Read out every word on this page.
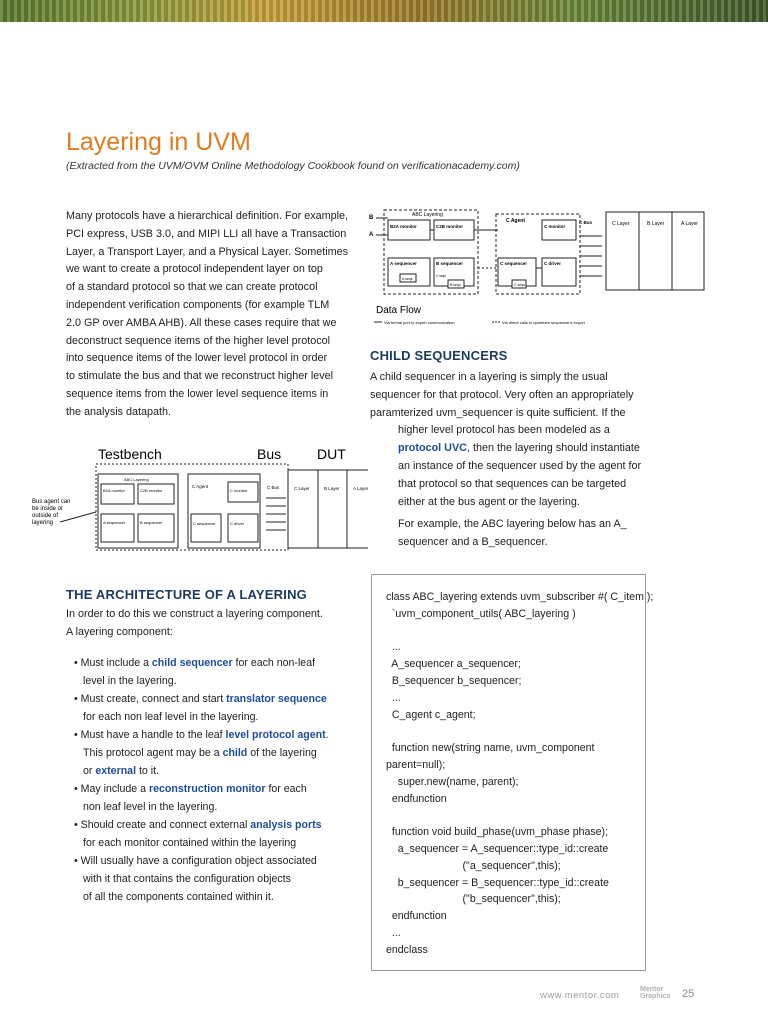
Layering in UVM
(Extracted from the UVM/OVM Online Methodology Cookbook found on verificationacademy.com)
Many protocols have a hierarchical definition. For example,
PCI express, USB 3.0, and MIPI LLI all have a Transaction
Layer, a Transport Layer, and a Physical Layer. Sometimes
we want to create a protocol independent layer on top
of a standard protocol so that we can create protocol
independent verification components (for example TLM
2.0 GP over AMBA AHB). All these cases require that we
deconstruct sequence items of the higher level protocol
into sequence items of the lower level protocol in order
to stimulate the bus and that we reconstruct higher level
sequence items from the lower level sequence items in
the analysis datapath.
ABC Layering
B
A
B2A monitor	C2B monitor
A sequencer
A seqs
B sequencer
B seqs
C seqs
C Agent
C monitor
C sequencer
C seqs
C driver
C Bus	C Layer	B Layer	A Layer
Data Flow
Via formal port to export communication	Via direct calls to upstream sequencer's export
CHILD SEQUENCERS
A child sequencer in a layering is simply the usual
sequencer for that protocol. Very often an appropriately
paramterized uvm_sequencer is quite sufficient. If the
higher level protocol has been modeled as a
protocol UVC, then the layering should instantiate
an instance of the sequencer used by the agent for
that protocol so that sequences can be targeted
either at the bus agent or the layering.
For example, the ABC layering below has an A_
sequencer and a B_sequencer.
Testbench	Bus	DUT
ABC Layering
B2A monitor	C2B monitor
A sequencer	B sequencer
C Agent
C monitor
C sequencer	C driver
C Bus	C Layer	B Layer	A Layer
Bus agent can
be inside or
outside of
layering
THE ARCHITECTURE OF A LAYERING
In order to do this we construct a layering component.
A layering component:
• Must include a child sequencer for each non-leaf
level in the layering.
• Must create, connect and start translator sequence
for each non leaf level in the layering.
• Must have a handle to the leaf level protocol agent.
This protocol agent may be a child of the layering
or external to it.
• May include a reconstruction monitor for each
non leaf level in the layering.
• Should create and connect external analysis ports
for each monitor contained within the layering
• Will usually have a configuration object associated
with it that contains the configuration objects
of all the components contained within it.
class ABC_layering extends uvm_subscriber #( C_item );
`uvm_component_utils( ABC_layering )

...
A_sequencer a_sequencer;
B_sequencer b_sequencer;
...
C_agent c_agent;

function new(string name, uvm_component
parent=null);
super.new(name, parent);
endfunction

function void build_phase(uvm_phase phase);
a_sequencer = A_sequencer::type_id::create
("a_sequencer",this);
b_sequencer = B_sequencer::type_id::create
("b_sequencer",this);
endfunction
...
endclass
www.mentor.com
Mentor
Graphics 25
